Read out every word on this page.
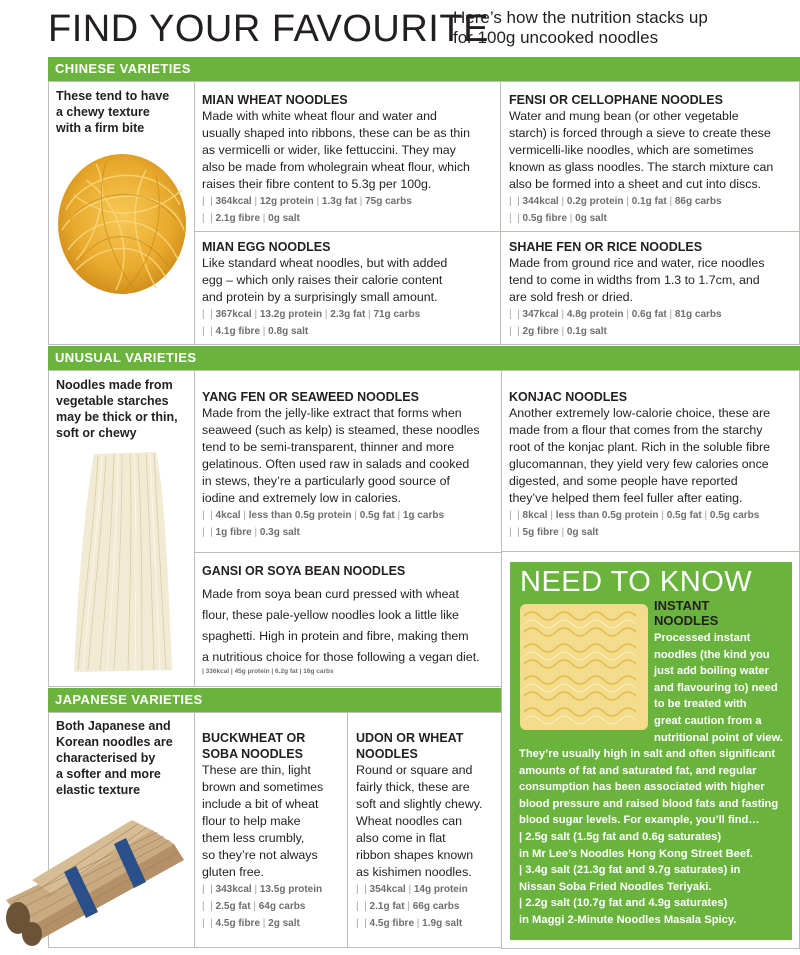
FIND YOUR FAVOURITE
Here’s how the nutrition stacks up
for 100g uncooked noodles
CHINESE VARIETIES
These tend to have
a chewy texture
with a firm bite
MIAN WHEAT NOODLES
Made with white wheat flour and water and
usually shaped into ribbons, these can be as thin
as vermicelli or wider, like fettuccini. They may
also be made from wholegrain wheat flour, which
raises their fibre content to 5.3g per 100g.
|  | 364kcal | 12g protein | 1.3g fat | 75g carbs
|  | 2.1g fibre | 0g salt
FENSI OR CELLOPHANE NOODLES
Water and mung bean (or other vegetable
starch) is forced through a sieve to create these
vermicelli-like noodles, which are sometimes
known as glass noodles. The starch mixture can
also be formed into a sheet and cut into discs.
|  | 344kcal | 0.2g protein | 0.1g fat | 86g carbs
|  | 0.5g fibre | 0g salt
MIAN EGG NOODLES
Like standard wheat noodles, but with added
egg – which only raises their calorie content
and protein by a surprisingly small amount.
|  | 367kcal | 13.2g protein | 2.3g fat | 71g carbs
|  | 4.1g fibre | 0.8g salt
SHAHE FEN OR RICE NOODLES
Made from ground rice and water, rice noodles
tend to come in widths from 1.3 to 1.7cm, and
are sold fresh or dried.
|  | 347kcal | 4.8g protein | 0.6g fat | 81g carbs
|  | 2g fibre | 0.1g salt
UNUSUAL VARIETIES
Noodles made from
vegetable starches
may be thick or thin,
soft or chewy
YANG FEN OR SEAWEED NOODLES
Made from the jelly-like extract that forms when
seaweed (such as kelp) is steamed, these noodles
tend to be semi-transparent, thinner and more
gelatinous. Often used raw in salads and cooked
in stews, they’re a particularly good source of
iodine and extremely low in calories.
|  | 4kcal | less than 0.5g protein | 0.5g fat | 1g carbs
|  | 1g fibre | 0.3g salt
KONJAC NOODLES
Another extremely low-calorie choice, these are
made from a flour that comes from the starchy
root of the konjac plant. Rich in the soluble fibre
glucomannan, they yield very few calories once
digested, and some people have reported
they’ve helped them feel fuller after eating.
|  | 8kcal | less than 0.5g protein | 0.5g fat | 0.5g carbs
|  | 5g fibre | 0g salt
GANSI OR SOYA BEAN NOODLES
Made from soya bean curd pressed with wheat
flour, these pale-yellow noodles look a little like
spaghetti. High in protein and fibre, making them
a nutritious choice for those following a vegan diet.
| 336kcal | 45g protein | 6.2g fat | 16g carbs
JAPANESE VARIETIES
Both Japanese and
Korean noodles are
characterised by
a softer and more
elastic texture
BUCKWHEAT OR
SOBA NOODLES
These are thin, light
brown and sometimes
include a bit of wheat
flour to help make
them less crumbly,
so they’re not always
gluten free.
|  | 343kcal | 13.5g protein
|  | 2.5g fat | 64g carbs
|  | 4.5g fibre | 2g salt
UDON OR WHEAT
NOODLES
Round or square and
fairly thick, these are
soft and slightly chewy.
Wheat noodles can
also come in flat
ribbon shapes known
as kishimen noodles.
|  | 354kcal | 14g protein
|  | 2.1g fat | 66g carbs
|  | 4.5g fibre | 1.9g salt
NEED TO KNOW
INSTANT
NOODLES
Processed instant
noodles (the kind you
just add boiling water
and flavouring to) need
to be treated with
great caution from a
nutritional point of view.
They’re usually high in salt and often significant
amounts of fat and saturated fat, and regular
consumption has been associated with higher
blood pressure and raised blood fats and fasting
blood sugar levels. For example, you’ll find…
| 2.5g salt (1.5g fat and 0.6g saturates)
in Mr Lee’s Noodles Hong Kong Street Beef.
| 3.4g salt (21.3g fat and 9.7g saturates) in
Nissan Soba Fried Noodles Teriyaki.
| 2.2g salt (10.7g fat and 4.9g saturates)
in Maggi 2-Minute Noodles Masala Spicy.
